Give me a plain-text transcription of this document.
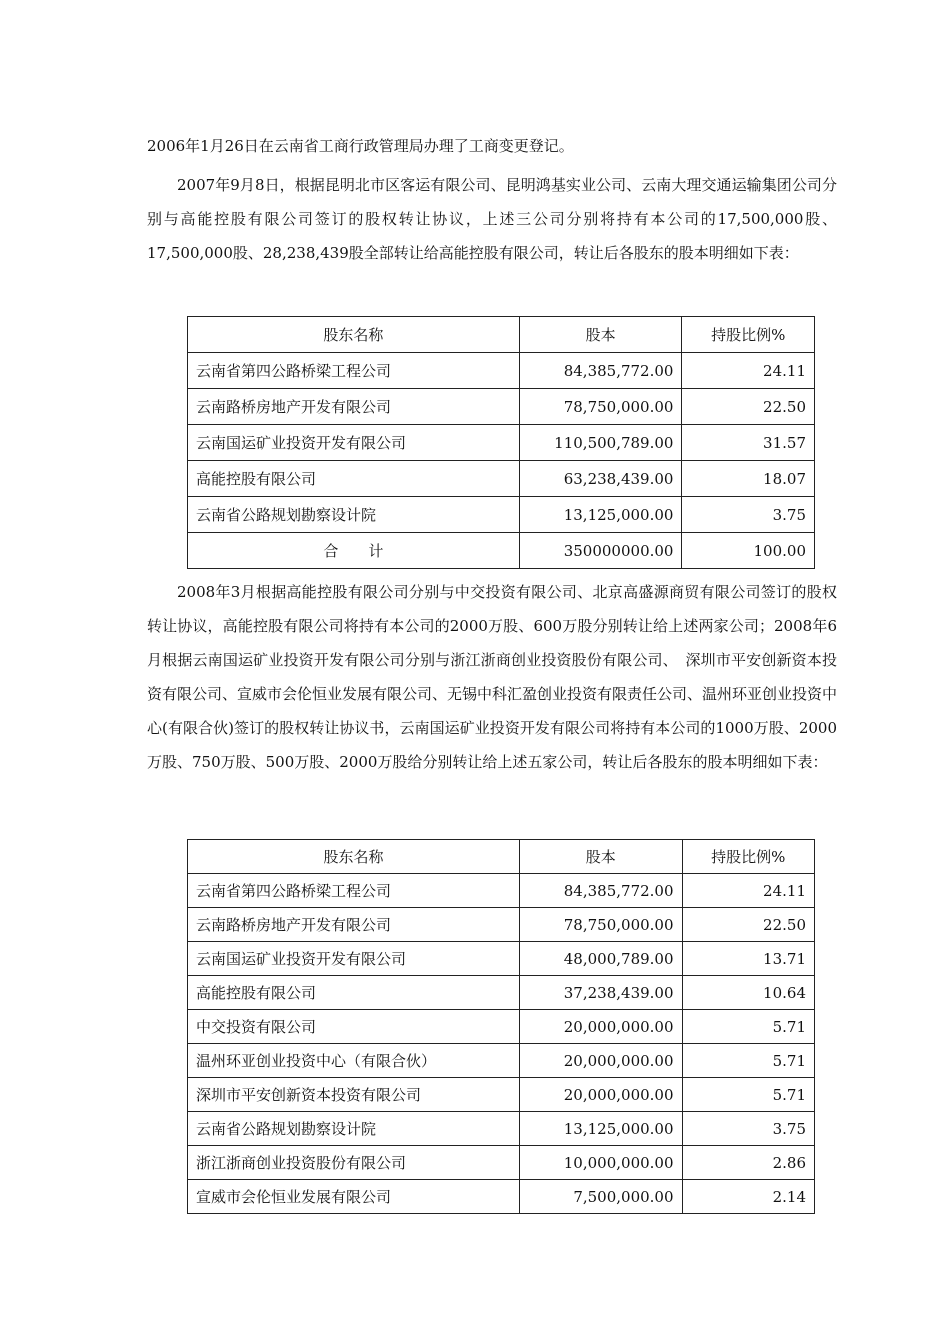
2006年1月26日在云南省工商行政管理局办理了工商变更登记。

2007年9月8日，根据昆明北市区客运有限公司、昆明鸿基实业公司、云南大理交通运输集团公司分别与高能控股有限公司签订的股权转让协议，上述三公司分别将持有本公司的17,500,000股、 17,500,000股、28,238,439股全部转让给高能控股有限公司，转让后各股东的股本明细如下表：

股东名称	股本	持股比例%
云南省第四公路桥梁工程公司	84,385,772.00	24.11
云南路桥房地产开发有限公司	78,750,000.00	22.50
云南国运矿业投资开发有限公司	110,500,789.00	31.57
高能控股有限公司	63,238,439.00	18.07
云南省公路规划勘察设计院	13,125,000.00	3.75
合　　计	350000000.00	100.00

2008年3月根据高能控股有限公司分别与中交投资有限公司、北京高盛源商贸有限公司签订的股权转让协议，高能控股有限公司将持有本公司的2000万股、600万股分别转让给上述两家公司；2008年6月根据云南国运矿业投资开发有限公司分别与浙江浙商创业投资股份有限公司、　深圳市平安创新资本投资有限公司、宣威市会伦恒业发展有限公司、无锡中科汇盈创业投资有限责任公司、温州环亚创业投资中心(有限合伙)签订的股权转让协议书，云南国运矿业投资开发有限公司将持有本公司的1000万股、2000万股、750万股、500万股、2000万股给分别转让给上述五家公司，转让后各股东的股本明细如下表：

股东名称	股本	持股比例%
云南省第四公路桥梁工程公司	84,385,772.00	24.11
云南路桥房地产开发有限公司	78,750,000.00	22.50
云南国运矿业投资开发有限公司	48,000,789.00	13.71
高能控股有限公司	37,238,439.00	10.64
中交投资有限公司	20,000,000.00	5.71
温州环亚创业投资中心（有限合伙）	20,000,000.00	5.71
深圳市平安创新资本投资有限公司	20,000,000.00	5.71
云南省公路规划勘察设计院	13,125,000.00	3.75
浙江浙商创业投资股份有限公司	10,000,000.00	2.86
宣威市会伦恒业发展有限公司	7,500,000.00	2.14
